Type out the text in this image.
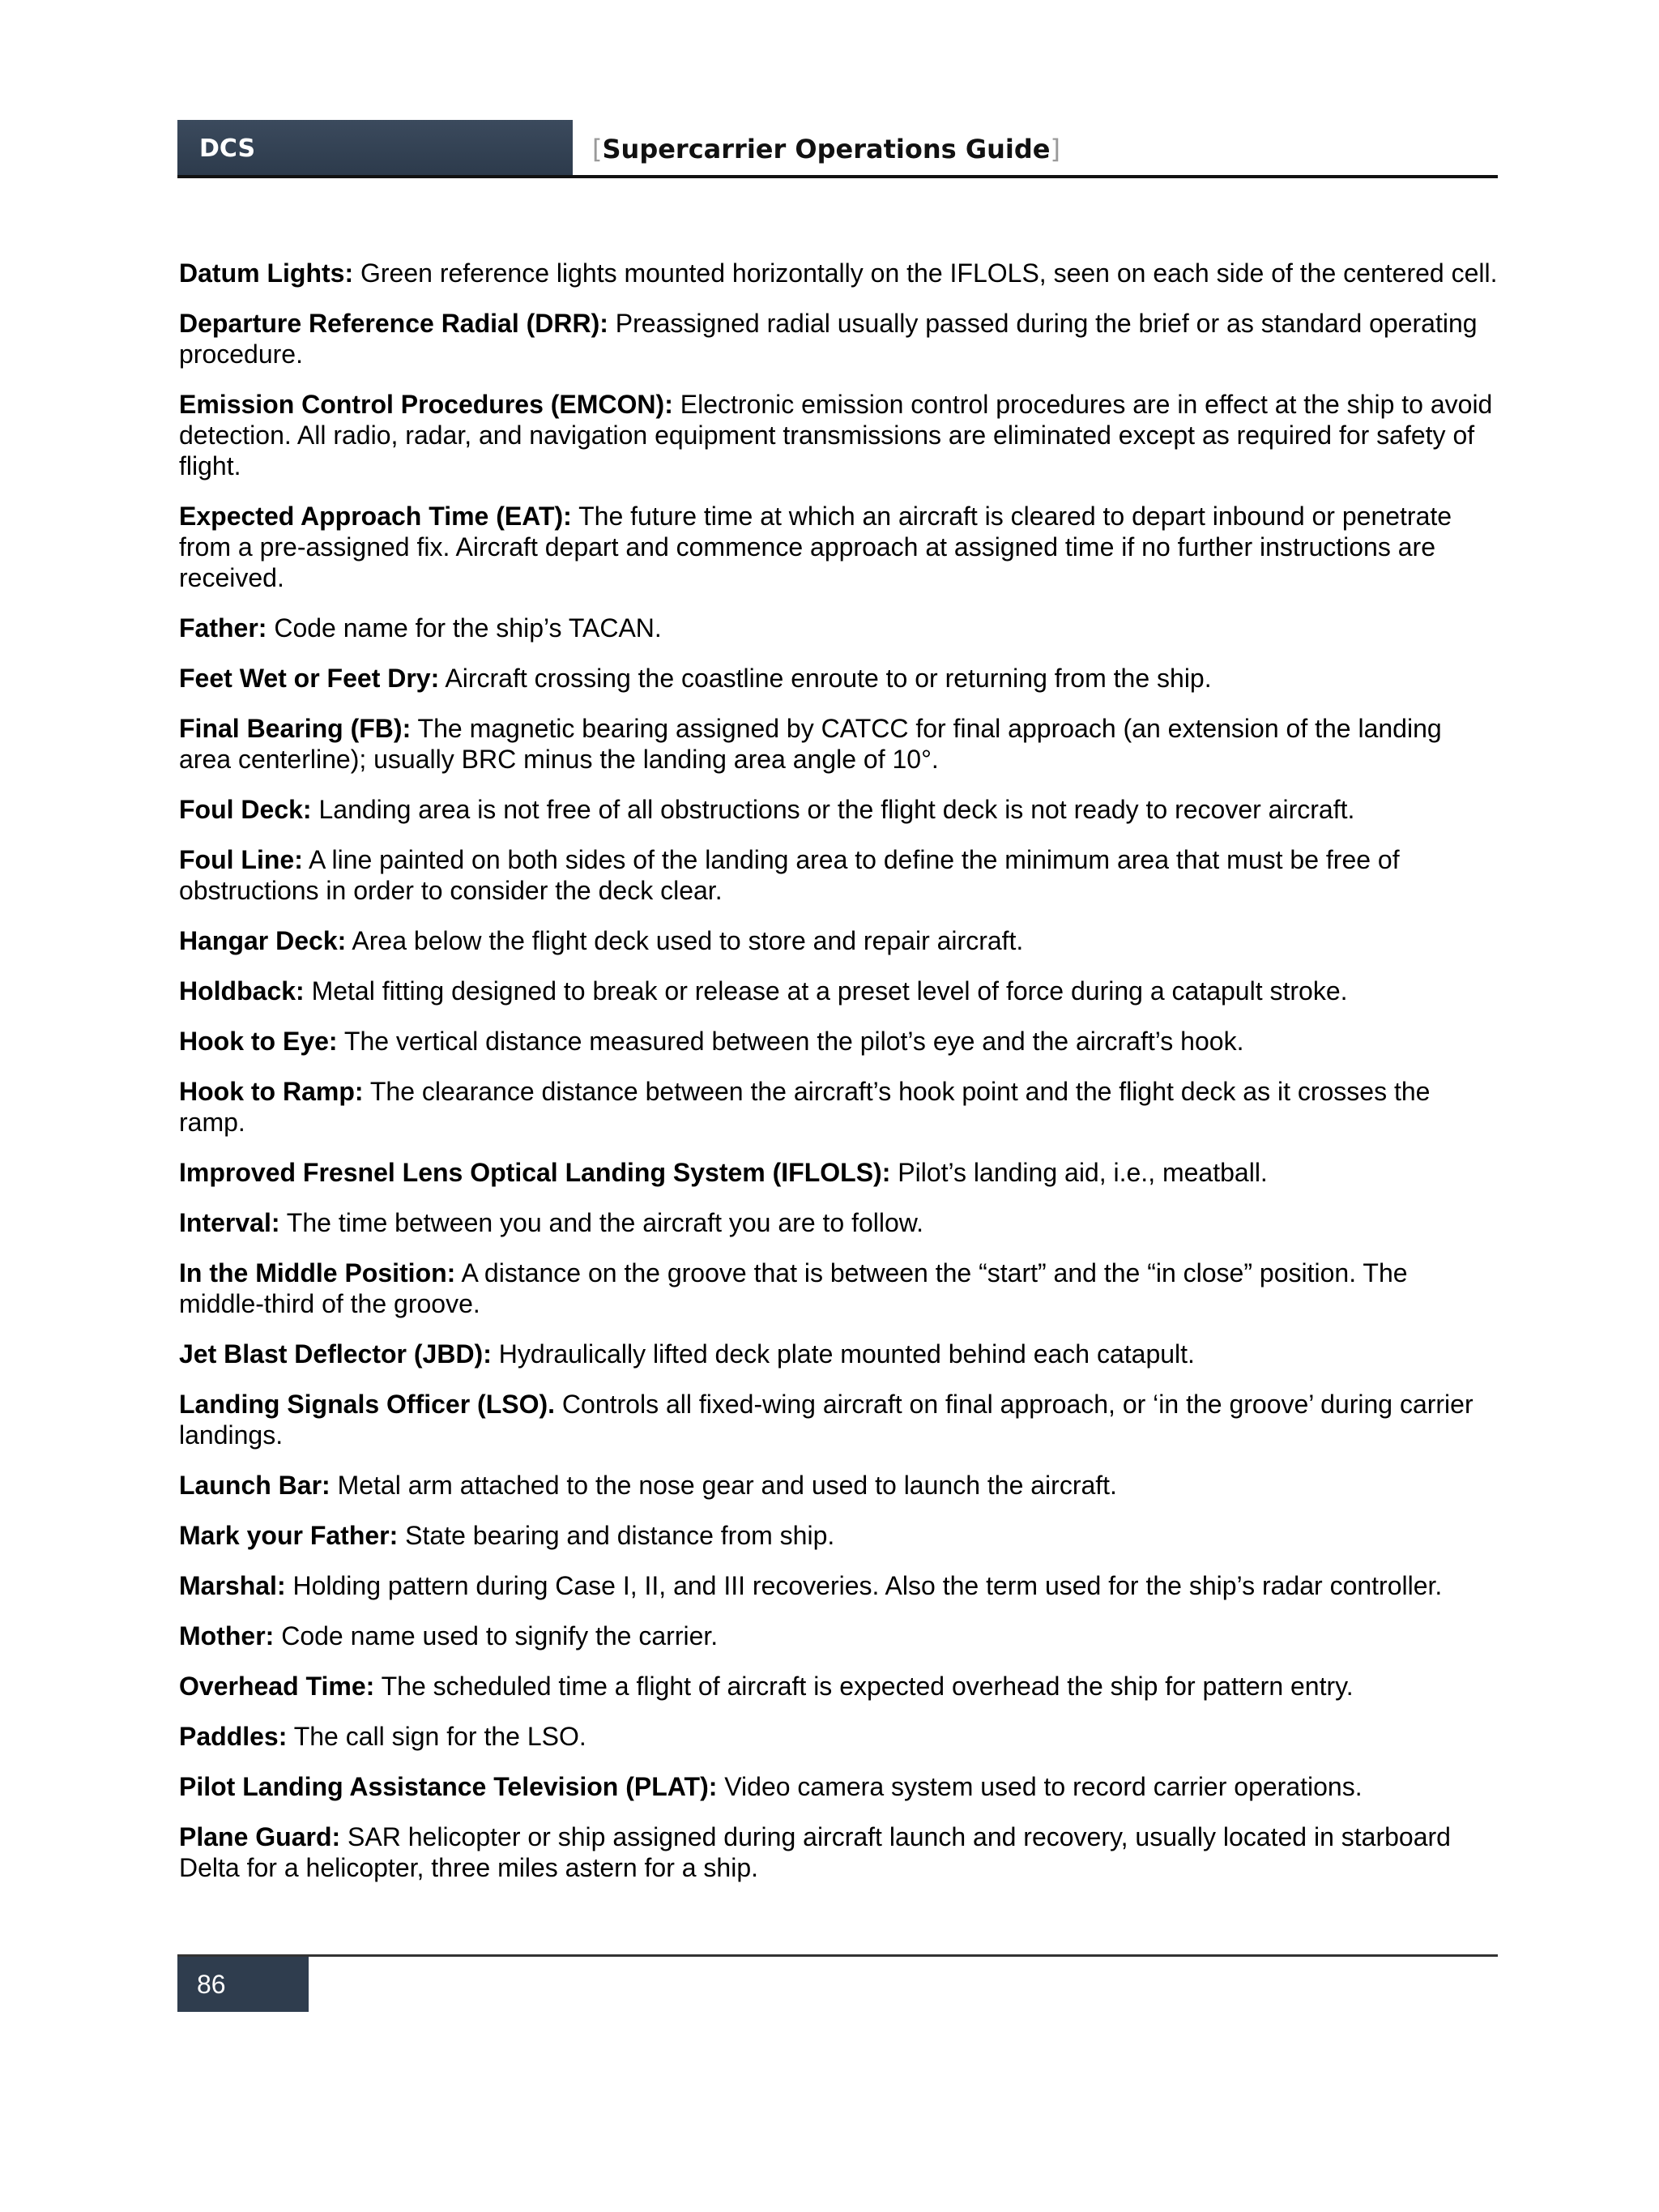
DCS	[Supercarrier Operations Guide]

Datum Lights: Green reference lights mounted horizontally on the IFLOLS, seen on each side of the centered cell.

Departure Reference Radial (DRR): Preassigned radial usually passed during the brief or as standard operating procedure.

Emission Control Procedures (EMCON): Electronic emission control procedures are in effect at the ship to avoid detection. All radio, radar, and navigation equipment transmissions are eliminated except as required for safety of flight.

Expected Approach Time (EAT): The future time at which an aircraft is cleared to depart inbound or penetrate from a pre-assigned fix. Aircraft depart and commence approach at assigned time if no further instructions are received.

Father: Code name for the ship’s TACAN.

Feet Wet or Feet Dry: Aircraft crossing the coastline enroute to or returning from the ship.

Final Bearing (FB): The magnetic bearing assigned by CATCC for final approach (an extension of the landing area centerline); usually BRC minus the landing area angle of 10°.

Foul Deck: Landing area is not free of all obstructions or the flight deck is not ready to recover aircraft.

Foul Line: A line painted on both sides of the landing area to define the minimum area that must be free of obstructions in order to consider the deck clear.

Hangar Deck: Area below the flight deck used to store and repair aircraft.

Holdback: Metal fitting designed to break or release at a preset level of force during a catapult stroke.

Hook to Eye: The vertical distance measured between the pilot’s eye and the aircraft’s hook.

Hook to Ramp: The clearance distance between the aircraft’s hook point and the flight deck as it crosses the ramp.

Improved Fresnel Lens Optical Landing System (IFLOLS): Pilot’s landing aid, i.e., meatball.

Interval: The time between you and the aircraft you are to follow.

In the Middle Position: A distance on the groove that is between the “start” and the “in close” position. The middle-third of the groove.

Jet Blast Deflector (JBD): Hydraulically lifted deck plate mounted behind each catapult.

Landing Signals Officer (LSO). Controls all fixed-wing aircraft on final approach, or ‘in the groove’ during carrier landings.

Launch Bar: Metal arm attached to the nose gear and used to launch the aircraft.

Mark your Father: State bearing and distance from ship.

Marshal: Holding pattern during Case I, II, and III recoveries. Also the term used for the ship’s radar controller.

Mother: Code name used to signify the carrier.

Overhead Time: The scheduled time a flight of aircraft is expected overhead the ship for pattern entry.

Paddles: The call sign for the LSO.

Pilot Landing Assistance Television (PLAT): Video camera system used to record carrier operations.

Plane Guard: SAR helicopter or ship assigned during aircraft launch and recovery, usually located in starboard Delta for a helicopter, three miles astern for a ship.

86
